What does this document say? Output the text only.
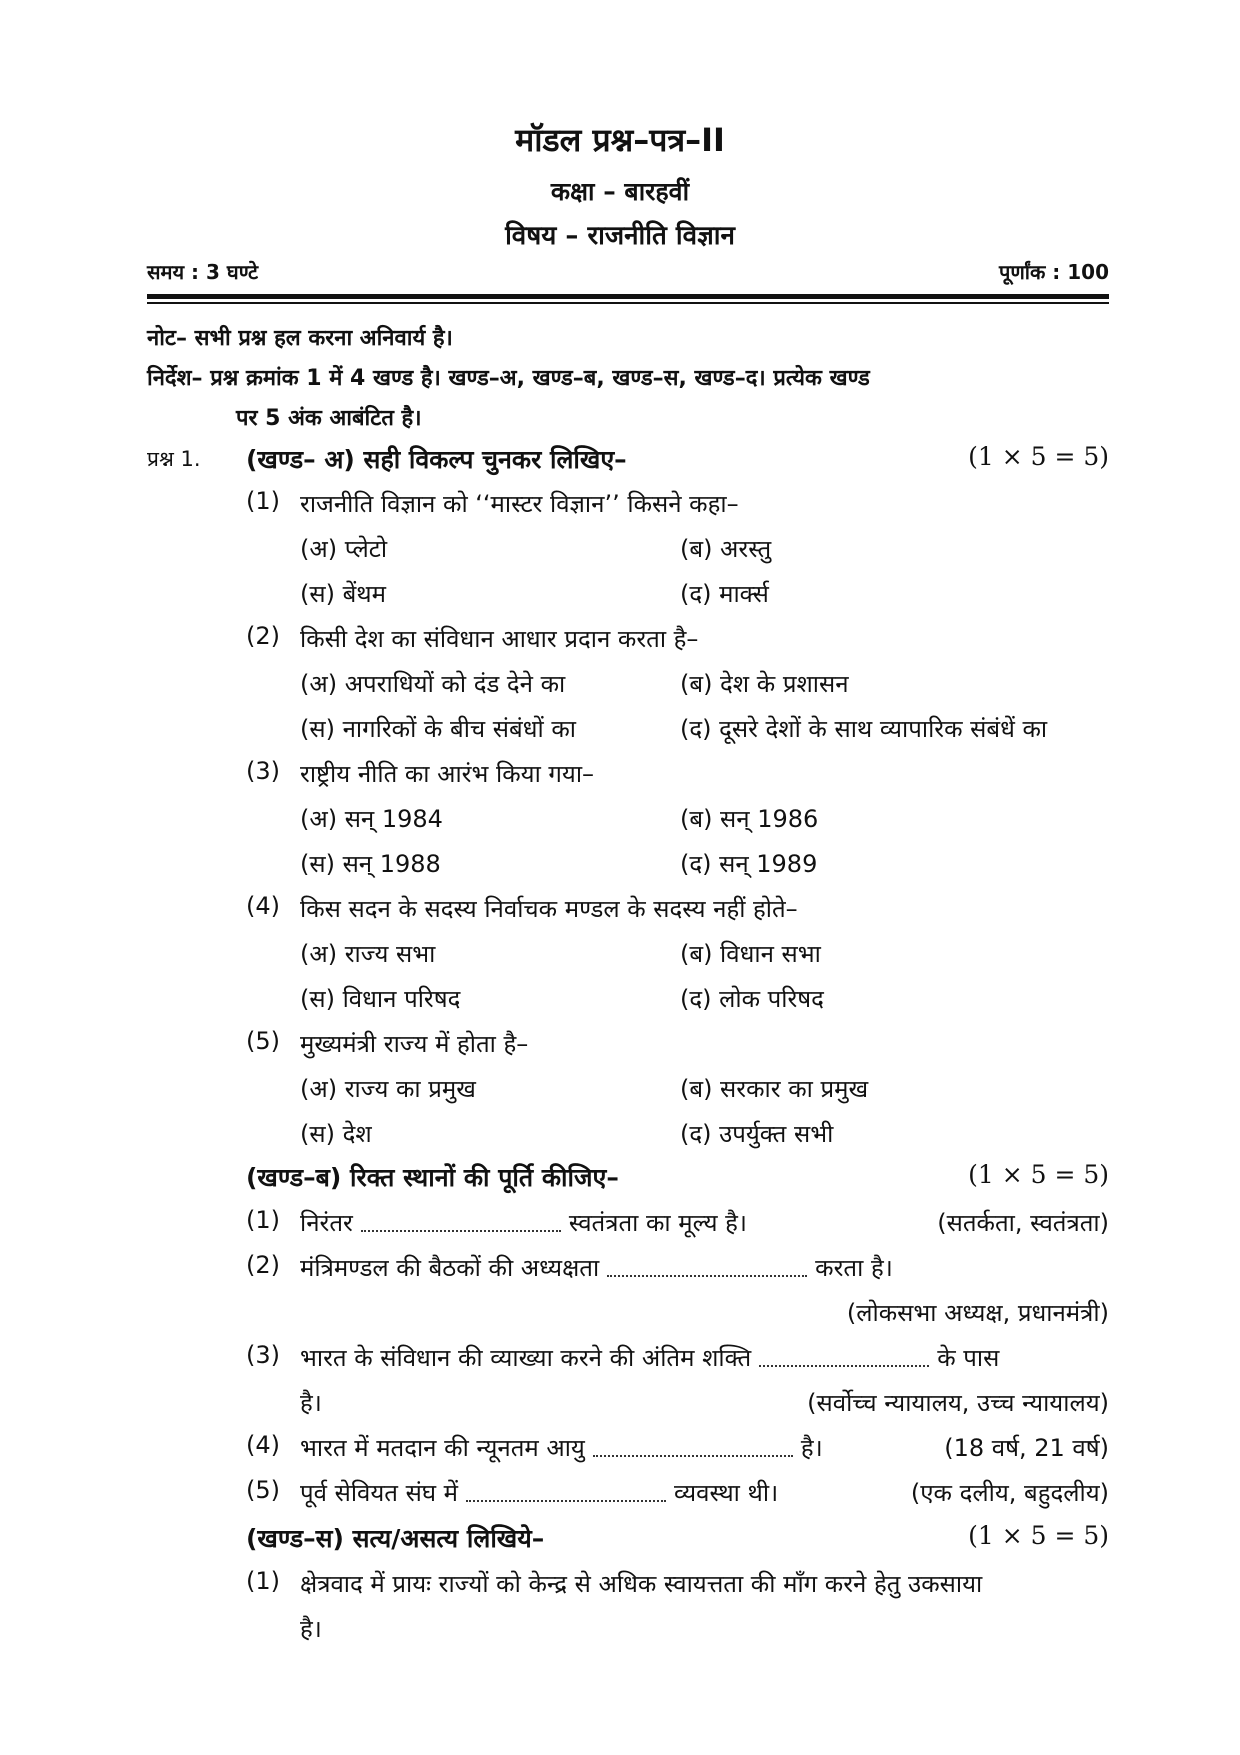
मॉडल प्रश्न–पत्र–II
कक्षा – बारहवीं
विषय – राजनीति विज्ञान
समय : 3 घण्टे	पूर्णांक : 100
नोट– सभी प्रश्न हल करना अनिवार्य है।
निर्देश– प्रश्न क्रमांक 1 में 4 खण्ड है। खण्ड–अ, खण्ड–ब, खण्ड–स, खण्ड–द। प्रत्येक खण्ड
पर 5 अंक आबंटित है।
प्रश्न 1. (खण्ड– अ) सही विकल्प चुनकर लिखिए–	(1 × 5 = 5)
(1) राजनीति विज्ञान को ‘‘मास्टर विज्ञान’’ किसने कहा–
(अ) प्लेटो	(ब) अरस्तु
(स) बेंथम	(द) मार्क्स
(2) किसी देश का संविधान आधार प्रदान करता है–
(अ) अपराधियों को दंड देने का	(ब) देश के प्रशासन
(स) नागरिकों के बीच संबंधों का	(द) दूसरे देशों के साथ व्यापारिक संबंधें का
(3) राष्ट्रीय नीति का आरंभ किया गया–
(अ) सन् 1984	(ब) सन् 1986
(स) सन् 1988	(द) सन् 1989
(4) किस सदन के सदस्य निर्वाचक मण्डल के सदस्य नहीं होते–
(अ) राज्य सभा	(ब) विधान सभा
(स) विधान परिषद	(द) लोक परिषद
(5) मुख्यमंत्री राज्य में होता है–
(अ) राज्य का प्रमुख	(ब) सरकार का प्रमुख
(स) देश	(द) उपर्युक्त सभी
(खण्ड–ब) रिक्त स्थानों की पूर्ति कीजिए–	(1 × 5 = 5)
(1) निरंतर	स्वतंत्रता का मूल्य है।	(सतर्कता, स्वतंत्रता)
(2) मंत्रिमण्डल की बैठकों की अध्यक्षता	करता है।
(लोकसभा अध्यक्ष, प्रधानमंत्री)
(3) भारत के संविधान की व्याख्या करने की अंतिम शक्ति	के पास
है।	(सर्वोच्च न्यायालय, उच्च न्यायालय)
(4) भारत में मतदान की न्यूनतम आयु	है।	(18 वर्ष, 21 वर्ष)
(5) पूर्व सेवियत संघ में	व्यवस्था थी।	(एक दलीय, बहुदलीय)
(खण्ड–स) सत्य/असत्य लिखिये–	(1 × 5 = 5)
(1) क्षेत्रवाद में प्रायः राज्यों को केन्द्र से अधिक स्वायत्तता की माँग करने हेतु उकसाया
है।
